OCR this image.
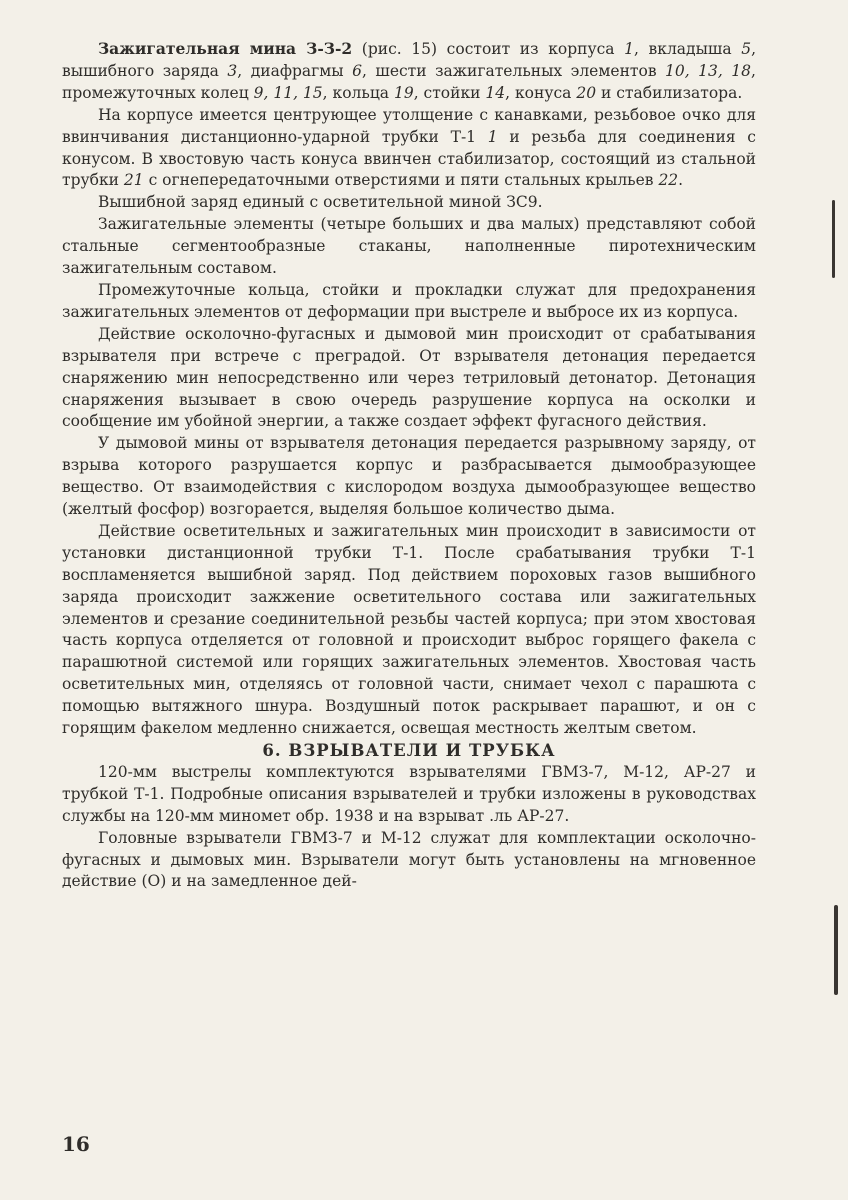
Зажигательная мина З-З-2 (рис. 15) состоит из корпуса 1, вкладыша 5, вышибного заряда 3, диафрагмы 6, шести зажигательных элементов 10, 13, 18, промежуточных колец 9, 11, 15, кольца 19, стойки 14, конуса 20 и стабилизатора.

На корпусе имеется центрующее утолщение с канавками, резьбовое очко для ввинчивания дистанционно-ударной трубки Т-1 1 и резьба для соединения с конусом. В хвостовую часть конуса ввинчен стабилизатор, состоящий из стальной трубки 21 с огнепередаточными отверстиями и пяти стальных крыльев 22.

Вышибной заряд единый с осветительной миной ЗС9.

Зажигательные элементы (четыре больших и два малых) представляют собой стальные сегментообразные стаканы, наполненные пиротехническим зажигательным составом.

Промежуточные кольца, стойки и прокладки служат для предохранения зажигательных элементов от деформации при выстреле и выбросе их из корпуса.

Действие осколочно-фугасных и дымовой мин происходит от срабатывания взрывателя при встрече с преградой. От взрывателя детонация передается снаряжению мин непосредственно или через тетриловый детонатор. Детонация снаряжения вызывает в свою очередь разрушение корпуса на осколки и сообщение им убойной энергии, а также создает эффект фугасного действия.

У дымовой мины от взрывателя детонация передается разрывному заряду, от взрыва которого разрушается корпус и разбрасывается дымообразующее вещество. От взаимодействия с кислородом воздуха дымообразующее вещество (желтый фосфор) возгорается, выделяя большое количество дыма.

Действие осветительных и зажигательных мин происходит в зависимости от установки дистанционной трубки Т-1. После срабатывания трубки Т-1 воспламеняется вышибной заряд. Под действием пороховых газов вышибного заряда происходит зажжение осветительного состава или зажигательных элементов и срезание соединительной резьбы частей корпуса; при этом хвостовая часть корпуса отделяется от головной и происходит выброс горящего факела с парашютной системой или горящих зажигательных элементов. Хвостовая часть осветительных мин, отделяясь от головной части, снимает чехол с парашюта с помощью вытяжного шнура. Воздушный поток раскрывает парашют, и он с горящим факелом медленно снижается, освещая местность желтым светом.

6. ВЗРЫВАТЕЛИ И ТРУБКА

120-мм выстрелы комплектуются взрывателями ГВМЗ-7, М-12, АР-27 и трубкой Т-1. Подробные описания взрывателей и трубки изложены в руководствах службы на 120-мм миномет обр. 1938 и на взрыват .ль АР-27.

Головные взрыватели ГВМЗ-7 и М-12 служат для комплектации осколочно-фугасных и дымовых мин. Взрыватели могут быть установлены на мгновенное действие (О) и на замедленное дей-

16
